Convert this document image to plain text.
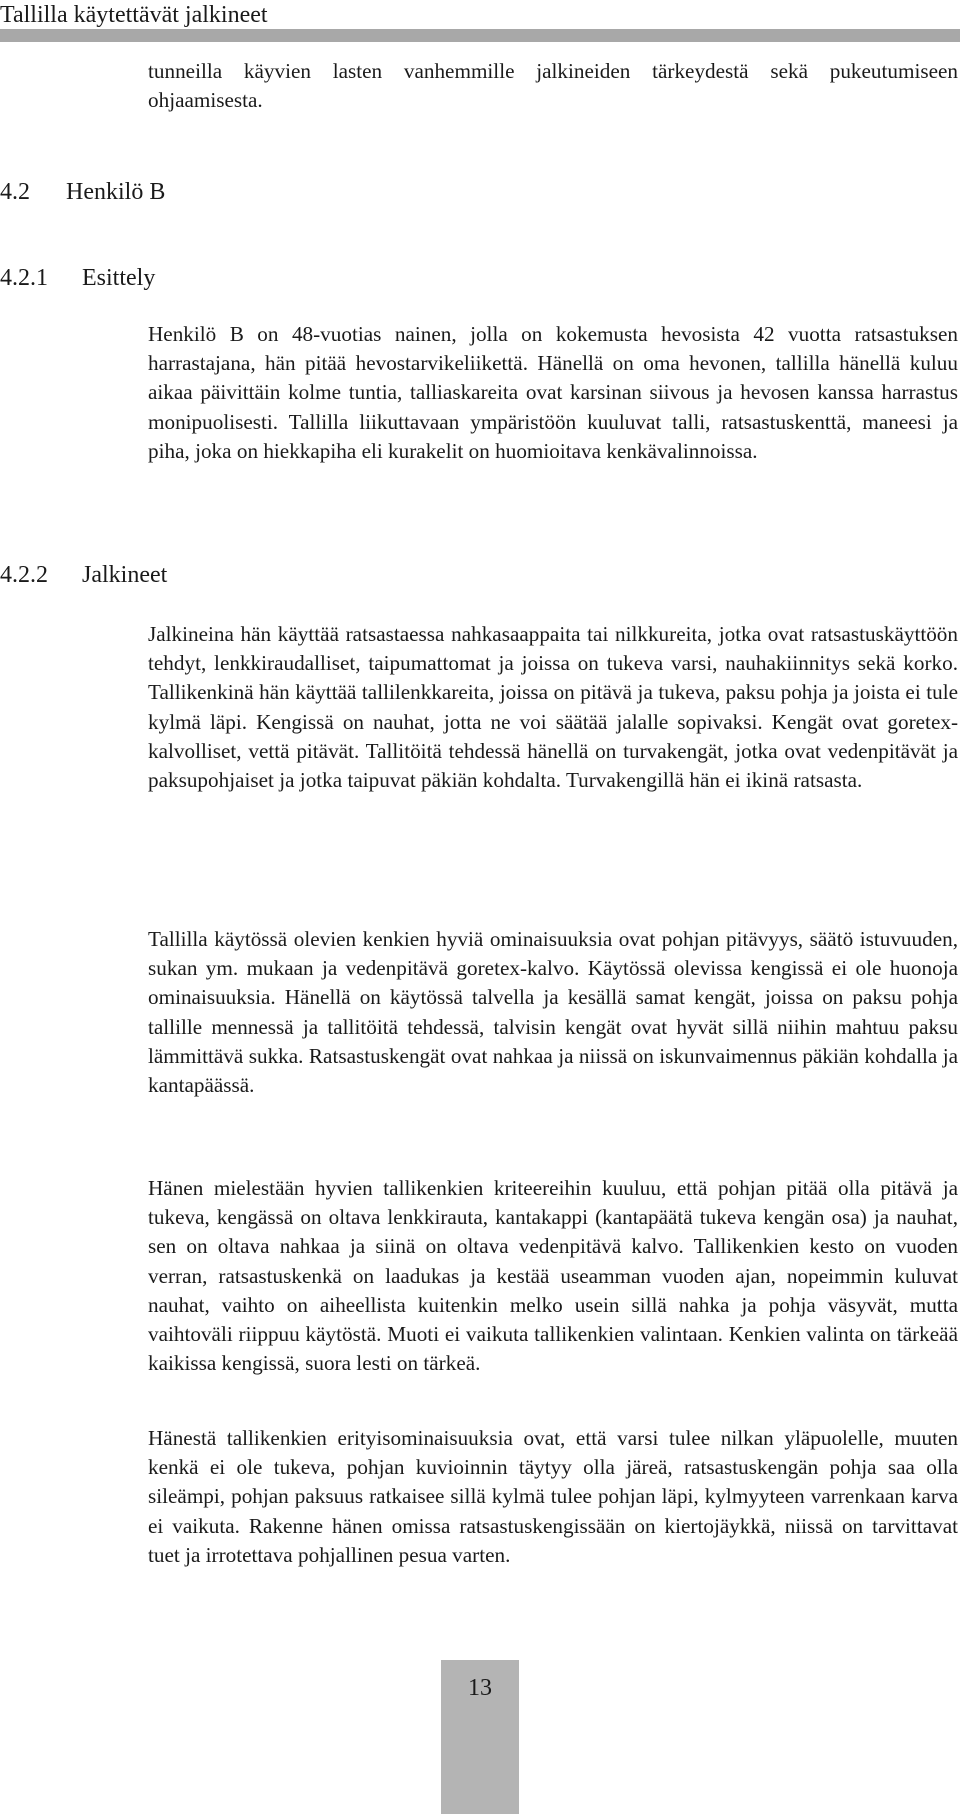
Tallilla käytettävät jalkineet

tunneilla käyvien lasten vanhemmille jalkineiden tärkeydestä sekä pukeutumiseen ohjaamisesta.

4.2 Henkilö B
4.2.1 Esittely

Henkilö B on 48-vuotias nainen, jolla on kokemusta hevosista 42 vuotta ratsastuksen harrastajana, hän pitää hevostarvikeliikettä. Hänellä on oma hevonen, tallilla hänellä kuluu aikaa päivittäin kolme tuntia, talliaskareita ovat karsinan siivous ja hevosen kanssa harrastus monipuolisesti. Tallilla liikuttavaan ympäristöön kuuluvat talli, ratsastuskenttä, maneesi ja piha, joka on hiekkapiha eli kurakelit on huomioitava kenkävalinnoissa.

4.2.2 Jalkineet

Jalkineina hän käyttää ratsastaessa nahkasaappaita tai nilkkureita, jotka ovat ratsastuskäyttöön tehdyt, lenkkiraudalliset, taipumattomat ja joissa on tukeva varsi, nauhakiinnitys sekä korko. Tallikenkinä hän käyttää tallilenkkareita, joissa on pitävä ja tukeva, paksu pohja ja joista ei tule kylmä läpi. Kengissä on nauhat, jotta ne voi säätää jalalle sopivaksi. Kengät ovat goretex-kalvolliset, vettä pitävät. Tallitöitä tehdessä hänellä on turvakengät, jotka ovat vedenpitävät ja paksupohjaiset ja jotka taipuvat päkiän kohdalta. Turvakengillä hän ei ikinä ratsasta.

Tallilla käytössä olevien kenkien hyviä ominaisuuksia ovat pohjan pitävyys, säätö istuvuuden, sukan ym. mukaan ja vedenpitävä goretex-kalvo. Käytössä olevissa kengissä ei ole huonoja ominaisuuksia. Hänellä on käytössä talvella ja kesällä samat kengät, joissa on paksu pohja tallille mennessä ja tallitöitä tehdessä, talvisin kengät ovat hyvät sillä niihin mahtuu paksu lämmittävä sukka. Ratsastuskengät ovat nahkaa ja niissä on iskunvaimennus päkiän kohdalla ja kantapäässä.

Hänen mielestään hyvien tallikenkien kriteereihin kuuluu, että pohjan pitää olla pitävä ja tukeva, kengässä on oltava lenkkirauta, kantakappi (kantapäätä tukeva kengän osa) ja nauhat, sen on oltava nahkaa ja siinä on oltava vedenpitävä kalvo. Tallikenkien kesto on vuoden verran, ratsastuskenkä on laadukas ja kestää useamman vuoden ajan, nopeimmin kuluvat nauhat, vaihto on aiheellista kuitenkin melko usein sillä nahka ja pohja väsyvät, mutta vaihtoväli riippuu käytöstä. Muoti ei vaikuta tallikenkien valintaan. Kenkien valinta on tärkeää kaikissa kengissä, suora lesti on tärkeä.

Hänestä tallikenkien erityisominaisuuksia ovat, että varsi tulee nilkan yläpuolelle, muuten kenkä ei ole tukeva, pohjan kuvioinnin täytyy olla järeä, ratsastuskengän pohja saa olla sileämpi, pohjan paksuus ratkaisee sillä kylmä tulee pohjan läpi, kylmyyteen varrenkaan karva ei vaikuta. Rakenne hänen omissa ratsastuskengissään on kiertojäykkä, niissä on tarvittavat tuet ja irrotettava pohjallinen pesua varten.

13
